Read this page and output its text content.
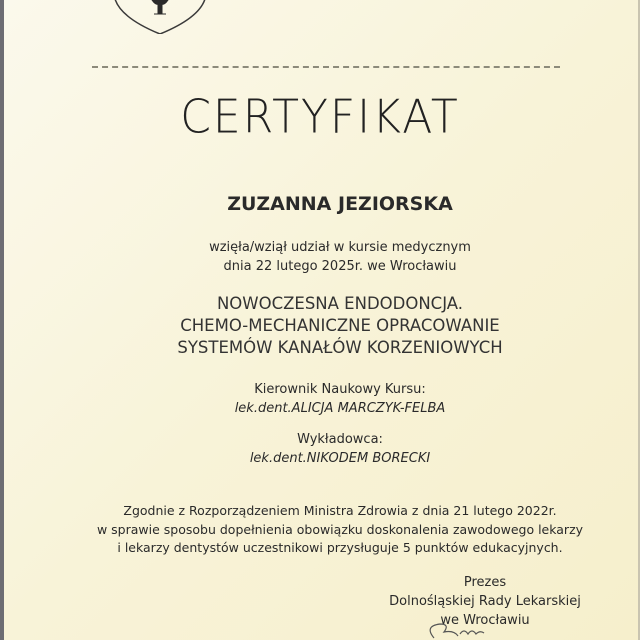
CERTYFIKAT
ZUZANNA JEZIORSKA
wzięła/wziął udział w kursie medycznym
dnia 22 lutego 2025r. we Wrocławiu
NOWOCZESNA ENDODONCJA.
CHEMO-MECHANICZNE OPRACOWANIE
SYSTEMÓW KANAŁÓW KORZENIOWYCH
Kierownik Naukowy Kursu:
lek.dent.ALICJA MARCZYK-FELBA
Wykładowca:
lek.dent.NIKODEM BORECKI
Zgodnie z Rozporządzeniem Ministra Zdrowia z dnia 21 lutego 2022r.
w sprawie sposobu dopełnienia obowiązku doskonalenia zawodowego lekarzy
i lekarzy dentystów uczestnikowi przysługuje 5 punktów edukacyjnych.
Prezes
Dolnośląskiej Rady Lekarskiej
we Wrocławiu
